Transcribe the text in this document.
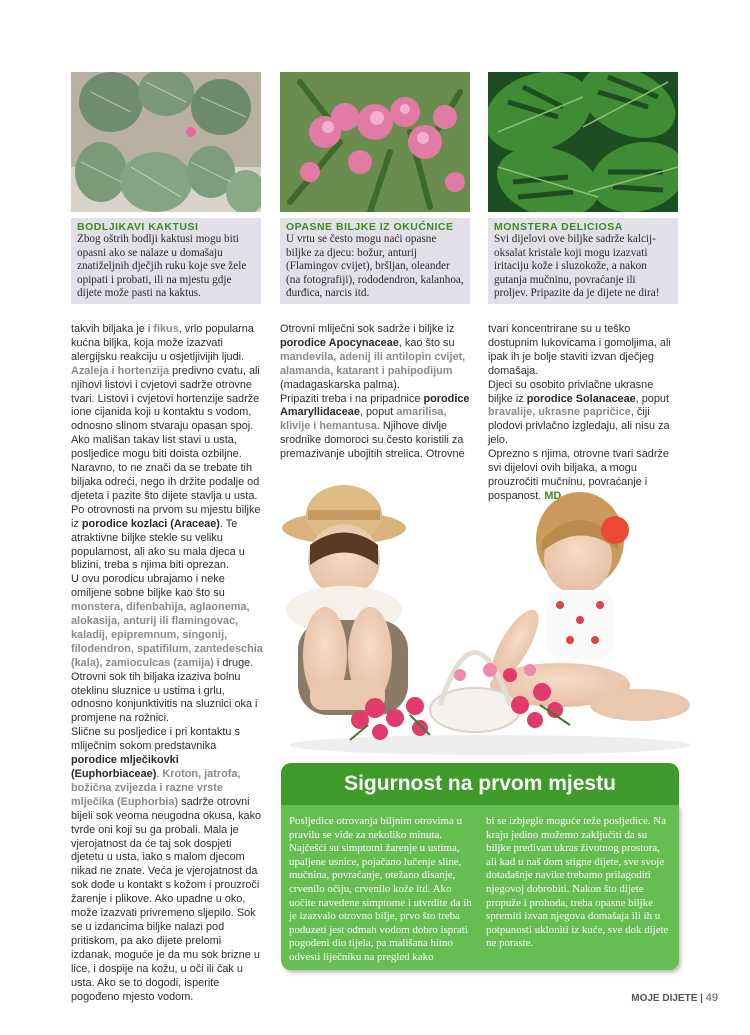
BODLJIKAVI KAKTUSI
Zbog oštrih bodlji kaktusi mogu biti opasni ako se nalaze u domašaju znatiželjnih dječjih ruku koje sve žele opipati i probati, ili na mjestu gdje dijete može pasti na kaktus.
OPASNE BILJKE IZ OKUĆNICE
U vrtu se često mogu naći opasne biljke za djecu: božur, anturij (Flamingov cvijet), bršljan, oleander (na fotografiji), rododendron, kalanhoa, đurđica, narcis itd.
MONSTERA DELICIOSA
Svi dijelovi ove biljke sadrže kalcij-oksalat kristale koji mogu izazvati iritaciju kože i sluzokože, a nakon gutanja mučninu, povraćanje ili proljev. Pripazite da je dijete ne dira!

takvih biljaka je i fikus, vrlo popularna kućna biljka, koja može izazvati alergijsku reakciju u osjetljivijih ljudi.

Azaleja i hortenzija predivno cvatu, ali njihovi listovi i cvjetovi sadrže otrovne tvari. Listovi i cvjetovi hortenzije sadrže ione cijanida koji u kontaktu s vodom, odnosno slinom stvaraju opasan spoj. Ako mališan takav list stavi u usta, posljedice mogu biti doista ozbiljne. Naravno, to ne znači da se trebate tih biljaka odreći, nego ih držite podalje od djeteta i pazite što dijete stavlja u usta.

Po otrovnosti na prvom su mjestu biljke iz porodice kozlaci (Araceae). Te atraktivne biljke stekle su veliku popularnost, ali ako su mala djeca u blizini, treba s njima biti oprezan.

U ovu porodicu ubrajamo i neke omiljene sobne biljke kao što su monstera, difenbahija, aglaonema, alokasija, anturij ili flamingovac, kaladij, epipremnum, singonij, filodendron, spatifilum, zantedeschia (kala), zamioculcas (zamija) i druge. Otrovni sok tih biljaka izaziva bolnu oteklinu sluznice u ustima i grlu, odnosno konjunktivitis na sluznici oka i promjene na rožnici.

Slične su posljedice i pri kontaktu s mliječnim sokom predstavnika porodice mlječikovki (Euphorbiaceae). Kroton, jatrofa, božična zvijezda i razne vrste mlječika (Euphorbia) sadrže otrovni bijeli sok veoma neugodna okusa, kako tvrde oni koji su ga probali. Mala je vjerojatnost da će taj sok dospjeti djetetu u usta, iako s malom djecom nikad ne znate. Veća je vjerojatnost da sok dođe u kontakt s kožom i prouzroči žarenje i plikove. Ako upadne u oko, može izazvati privremeno sljepilo. Sok se u izdancima biljke nalazi pod pritiskom, pa ako dijete prelomi izdanak, moguće je da mu sok brizne u lice, i dospije na kožu, u oči ili čak u usta. Ako se to dogodi, isperite pogođeno mjesto vodom.

Otrovni mliječni sok sadrže i biljke iz porodice Apocynaceae, kao što su mandevila, adenij ili antilopin cvijet, alamanda, katarant i pahipodijum (madagaskarska palma).

Pripaziti treba i na pripadnice porodice Amaryllidaceae, poput amarilisa, klivije i hemantusa. Njihove divlje srodnike domoroci su često koristili za premazivanje ubojitih strelica. Otrovne

tvari koncentrirane su u teško dostupnim lukovicama i gomoljima, ali ipak ih je bolje staviti izvan dječjeg domašaja.

Djeci su osobito privlačne ukrasne biljke iz porodice Solanaceae, poput bravalije, ukrasne papričice, čiji plodovi privlačno izgledaju, ali nisu za jelo.

Oprezno s njima, otrovne tvari sadrže svi dijelovi ovih biljaka, a mogu prouzročiti mučninu, povraćanje i pospanost. MD

Sigurnost na prvom mjestu
Posljedice otrovanja biljnim otrovima u pravilu se vide za nekoliko minuta. Najčešći su simptomi žarenje u ustima, upaljene usnice, pojačano lučenje sline, mučnina, povraćanje, otežano disanje, crvenilo očiju, crvenilo kože itd. Ako uočite navedene simptome i utvrdite da ih je izazvalo otrovno bilje, prvo što treba poduzeti jest odmah vodom dobro isprati pogođeni dio tijela, pa mališana hitno odvesti liječniku na pregled kako
bi se izbjegle moguće teže posljedice. Na kraju jedino možemo zaključiti da su biljke predivan ukras životnog prostora, ali kad u naš dom stigne dijete, sve svoje dotadašnje navike trebamo prilagoditi njegovoj dobrobiti. Nakon što dijete propuže i prohoda, treba opasne biljke spremiti izvan njegova domašaja ili ih u potpunosti ukloniti iz kuće, sve dok dijete ne poraste.
MOJE DIJETE | 49
